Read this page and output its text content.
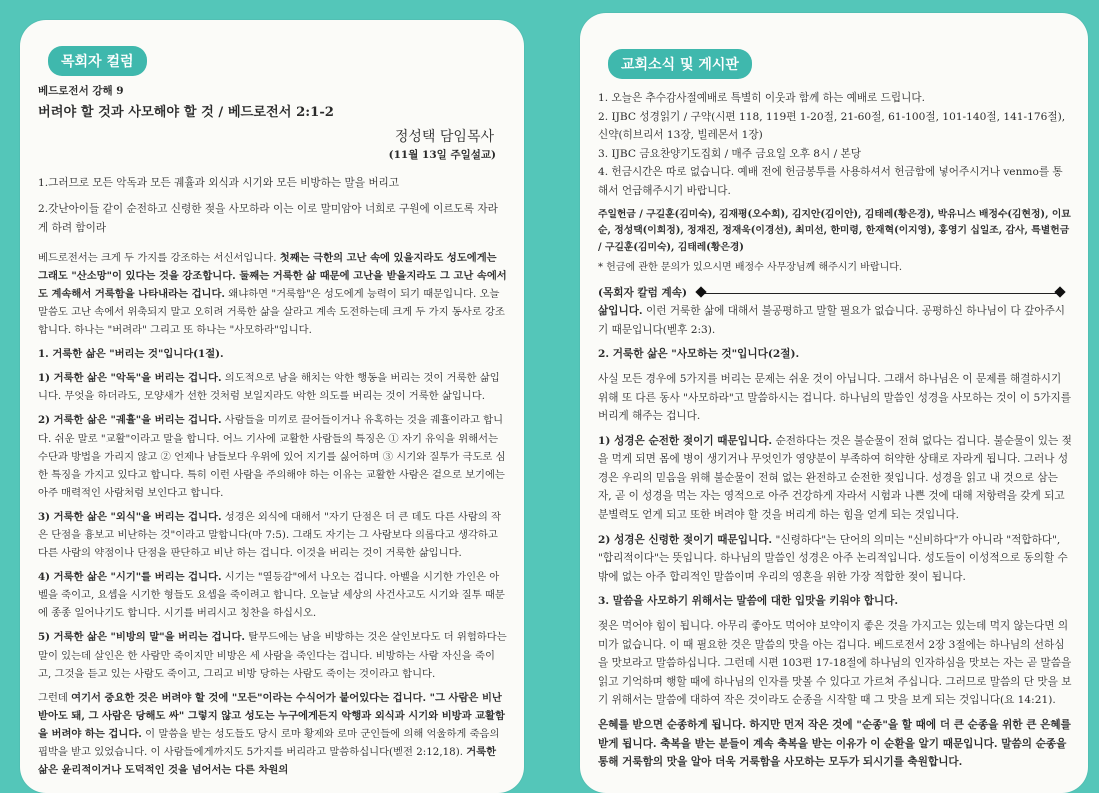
목회자 컬럼
베드로전서 강해 9
버려야 할 것과 사모해야 할 것 / 베드로전서 2:1-2
정성택 담임목사
(11월 13일 주일설교)
1.그러므로 모든 악독과 모든 궤휼과 외식과 시기와 모든 비방하는 말을 버리고
2.갓난아이들 같이 순전하고 신령한 젖을 사모하라 이는 이로 말미암아 너희로 구원에 이르도록 자라게 하려 함이라

베드로전서는 크게 두 가지를 강조하는 서신서입니다. 첫째는 극한의 고난 속에 있을지라도 성도에게는 그래도 "산소망"이 있다는 것을 강조합니다. 둘째는 거룩한 삶 때문에 고난을 받을지라도 그 고난 속에서도 계속해서 거룩함을 나타내라는 겁니다. 왜냐하면 "거룩함"은 성도에게 능력이 되기 때문입니다. 오늘 말씀도 고난 속에서 위축되지 말고 오히려 거룩한 삶을 살라고 계속 도전하는데 크게 두 가지 동사로 강조합니다. 하나는 "버려라" 그리고 또 하나는 "사모하라"입니다.

1. 거룩한 삶은 "버리는 것"입니다(1절).

1) 거룩한 삶은 "악독"을 버리는 겁니다. 의도적으로 남을 해치는 악한 행동을 버리는 것이 거룩한 삶입니다. 무엇을 하더라도, 모양새가 선한 것처럼 보일지라도 악한 의도를 버리는 것이 거룩한 삶입니다.

2) 거룩한 삶은 "궤휼"을 버리는 겁니다. 사람들을 미끼로 끌어들이거나 유혹하는 것을 궤휼이라고 합니다. 쉬운 말로 "교활"이라고 말을 합니다. 어느 기사에 교활한 사람들의 특징은 ① 자기 유익을 위해서는 수단과 방법을 가리지 않고 ② 언제나 남들보다 우위에 있어 지기를 싫어하며 ③ 시기와 질투가 극도로 심한 특징을 가지고 있다고 합니다. 특히 이런 사람을 주의해야 하는 이유는 교활한 사람은 겉으로 보기에는 아주 매력적인 사람처럼 보인다고 합니다.

3) 거룩한 삶은 "외식"을 버리는 겁니다. 성경은 외식에 대해서 "자기 단점은 더 큰 데도 다른 사람의 작은 단점을 흉보고 비난하는 것"이라고 말합니다(마 7:5). 그래도 자기는 그 사람보다 의롭다고 생각하고 다른 사람의 약점이나 단점을 판단하고 비난 하는 겁니다. 이것을 버리는 것이 거룩한 삶입니다.

4) 거룩한 삶은 "시기"를 버리는 겁니다. 시기는 "열등감"에서 나오는 겁니다. 아벨을 시기한 가인은 아벨을 죽이고, 요셉을 시기한 형들도 요셉을 죽이려고 합니다. 오늘날 세상의 사건사고도 시기와 질투 때문에 종종 일어나기도 합니다. 시기를 버리시고 칭찬을 하십시오.

5) 거룩한 삶은 "비방의 말"을 버리는 겁니다. 탈무드에는 남을 비방하는 것은 살인보다도 더 위험하다는 말이 있는데 살인은 한 사람만 죽이지만 비방은 세 사람을 죽인다는 겁니다. 비방하는 사람 자신을 죽이고, 그것을 듣고 있는 사람도 죽이고, 그리고 비방 당하는 사람도 죽이는 것이라고 합니다.

그런데 여기서 중요한 것은 버려야 할 것에 "모든"이라는 수식어가 붙어있다는 겁니다. "그 사람은 비난 받아도 돼, 그 사람은 당해도 싸" 그렇지 않고 성도는 누구에게든지 악행과 외식과 시기와 비방과 교활함을 버려야 하는 겁니다. 이 말씀을 받는 성도들도 당시 로마 황제와 로마 군인들에 의해 억울하게 죽음의 핍박을 받고 있었습니다. 이 사람들에게까지도 5가지를 버리라고 말씀하십니다(벧전 2:12,18). 거룩한 삶은 윤리적이거나 도덕적인 것을 넘어서는 다른 차원의

교회소식 및 게시판

1. 오늘은 추수감사절예배로 특별히 이웃과 함께 하는 예배로 드립니다.

2. IJBC 성경읽기 / 구약(시편 118, 119편 1-20절, 21-60절, 61-100절, 101-140절, 141-176절), 신약(히브리서 13장, 빌레몬서 1장)

3. IJBC 금요찬양기도집회 / 매주 금요일 오후 8시 / 본당

4. 헌금시간은 따로 없습니다. 예배 전에 헌금봉투를 사용하셔서 헌금함에 넣어주시거나 venmo를 통해서 언급해주시기 바랍니다.

주일헌금 / 구길훈(김미숙), 김재평(오수희), 김지안(김이안), 김태레(황은경), 박유니스 배정수(김현정), 이묘순, 정성택(이희정), 정재진, 정재욱(이경선), 최미선, 한미령, 한재혁(이지영), 홍영기 십일조, 감사, 특별헌금 / 구길훈(김미숙), 김태레(황은경)

* 헌금에 관한 문의가 있으시면 배정수 사무장님께 해주시기 바랍니다.

(목회자 칼럼 계속)

삶입니다. 이런 거룩한 삶에 대해서 불공평하고 말할 필요가 없습니다. 공평하신 하나님이 다 갚아주시기 때문입니다(벧후 2:3).

2. 거룩한 삶은 "사모하는 것"입니다(2절).

사실 모든 경우에 5가지를 버리는 문제는 쉬운 것이 아닙니다. 그래서 하나님은 이 문제를 해결하시기 위해 또 다른 동사 "사모하라"고 말씀하시는 겁니다. 하나님의 말씀인 성경을 사모하는 것이 이 5가지를 버리게 해주는 겁니다.

1) 성경은 순전한 젖이기 때문입니다. 순전하다는 것은 불순물이 전혀 없다는 겁니다. 불순물이 있는 젖을 먹게 되면 몸에 병이 생기거나 무엇인가 영양분이 부족하여 허약한 상태로 자라게 됩니다. 그러나 성경은 우리의 믿음을 위해 불순물이 전혀 없는 완전하고 순전한 젖입니다. 성경을 읽고 내 것으로 삼는 자, 곧 이 성경을 먹는 자는 영적으로 아주 건강하게 자라서 시험과 나쁜 것에 대해 저항력을 갖게 되고 분별력도 얻게 되고 또한 버려야 할 것을 버리게 하는 힘을 얻게 되는 것입니다.

2) 성경은 신령한 젖이기 때문입니다. "신령하다"는 단어의 의미는 "신비하다"가 아니라 "적합하다", "합리적이다"는 뜻입니다. 하나님의 말씀인 성경은 아주 논리적입니다. 성도들이 이성적으로 동의할 수밖에 없는 아주 합리적인 말씀이며 우리의 영혼을 위한 가장 적합한 젖이 됩니다.

3. 말씀을 사모하기 위해서는 말씀에 대한 입맛을 키워야 합니다.

젖은 먹어야 힘이 됩니다. 아무리 좋아도 먹어야 보약이지 좋은 것을 가지고는 있는데 먹지 않는다면 의미가 없습니다. 이 때 필요한 것은 말씀의 맛을 아는 겁니다. 베드로전서 2장 3절에는 하나님의 선하심을 맛보라고 말씀하십니다. 그런데 시편 103편 17-18절에 하나님의 인자하심을 맛보는 자는 곧 말씀을 읽고 기억하며 행할 때에 하나님의 인자를 맛볼 수 있다고 가르쳐 주십니다. 그러므로 말씀의 단 맛을 보기 위해서는 말씀에 대하여 작은 것이라도 순종을 시작할 때 그 맛을 보게 되는 것입니다(요 14:21).

은혜를 받으면 순종하게 됩니다. 하지만 먼저 작은 것에 "순종"을 할 때에 더 큰 순종을 위한 큰 은혜를 받게 됩니다. 축복을 받는 분들이 계속 축복을 받는 이유가 이 순환을 알기 때문입니다. 말씀의 순종을 통해 거룩함의 맛을 알아 더욱 거룩함을 사모하는 모두가 되시기를 축원합니다.
